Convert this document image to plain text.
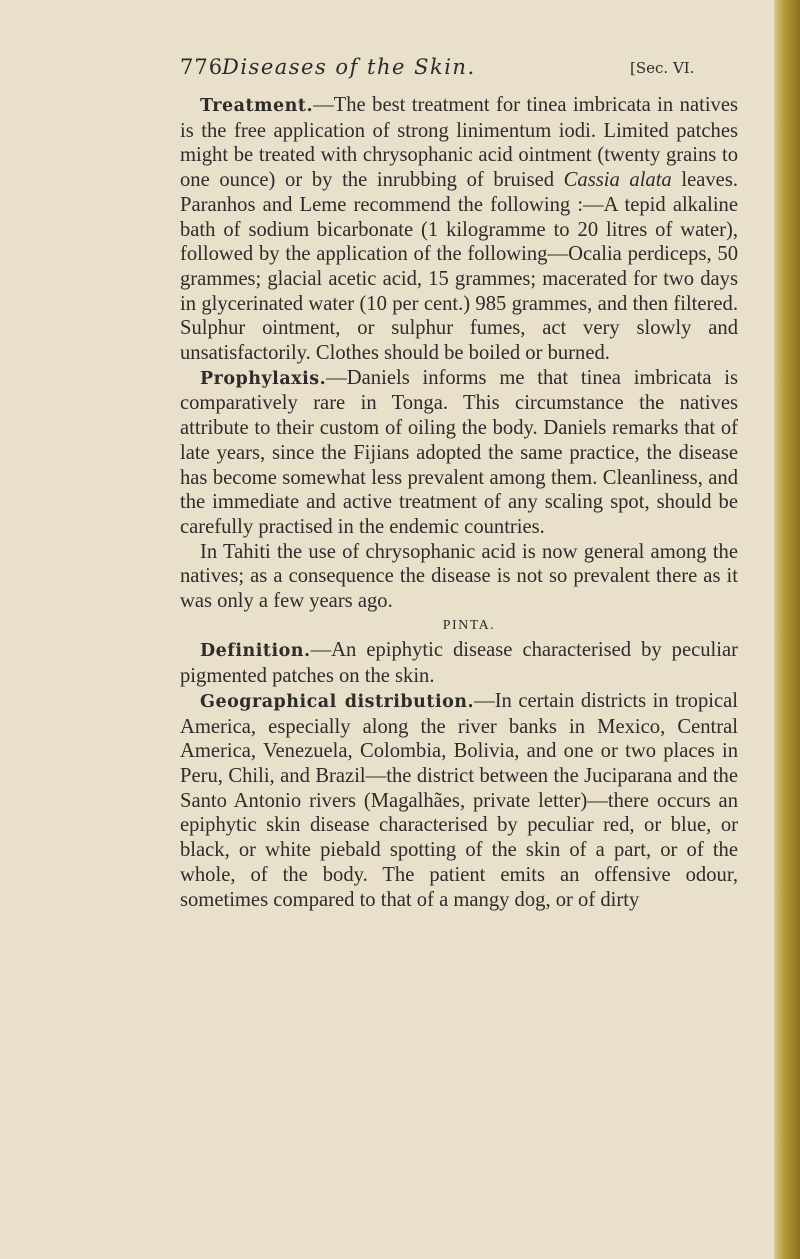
776
Diseases of the Skin.	[Sec. VI.

Treatment.—The best treatment for tinea imbricata in natives is the free application of strong linimentum iodi. Limited patches might be treated with chrysophanic acid ointment (twenty grains to one ounce) or by the inrubbing of bruised Cassia alata leaves. Paranhos and Leme recommend the following :—A tepid alkaline bath of sodium bicarbonate (1 kilogramme to 20 litres of water), followed by the application of the following—Ocalia perdiceps, 50 grammes; glacial acetic acid, 15 grammes; macerated for two days in glycerinated water (10 per cent.) 985 grammes, and then filtered. Sulphur ointment, or sulphur fumes, act very slowly and unsatisfactorily. Clothes should be boiled or burned.

Prophylaxis.—Daniels informs me that tinea imbricata is comparatively rare in Tonga. This circumstance the natives attribute to their custom of oiling the body. Daniels remarks that of late years, since the Fijians adopted the same practice, the disease has become somewhat less prevalent among them. Cleanliness, and the immediate and active treatment of any scaling spot, should be carefully practised in the endemic countries.

In Tahiti the use of chrysophanic acid is now general among the natives; as a consequence the disease is not so prevalent there as it was only a few years ago.

PINTA.

Definition.—An epiphytic disease characterised by peculiar pigmented patches on the skin.

Geographical distribution.—In certain districts in tropical America, especially along the river banks in Mexico, Central America, Venezuela, Colombia, Bolivia, and one or two places in Peru, Chili, and Brazil—the district between the Juciparana and the Santo Antonio rivers (Magalhães, private letter)—there occurs an epiphytic skin disease characterised by peculiar red, or blue, or black, or white piebald spotting of the skin of a part, or of the whole, of the body. The patient emits an offensive odour, sometimes compared to that of a mangy dog, or of dirty
